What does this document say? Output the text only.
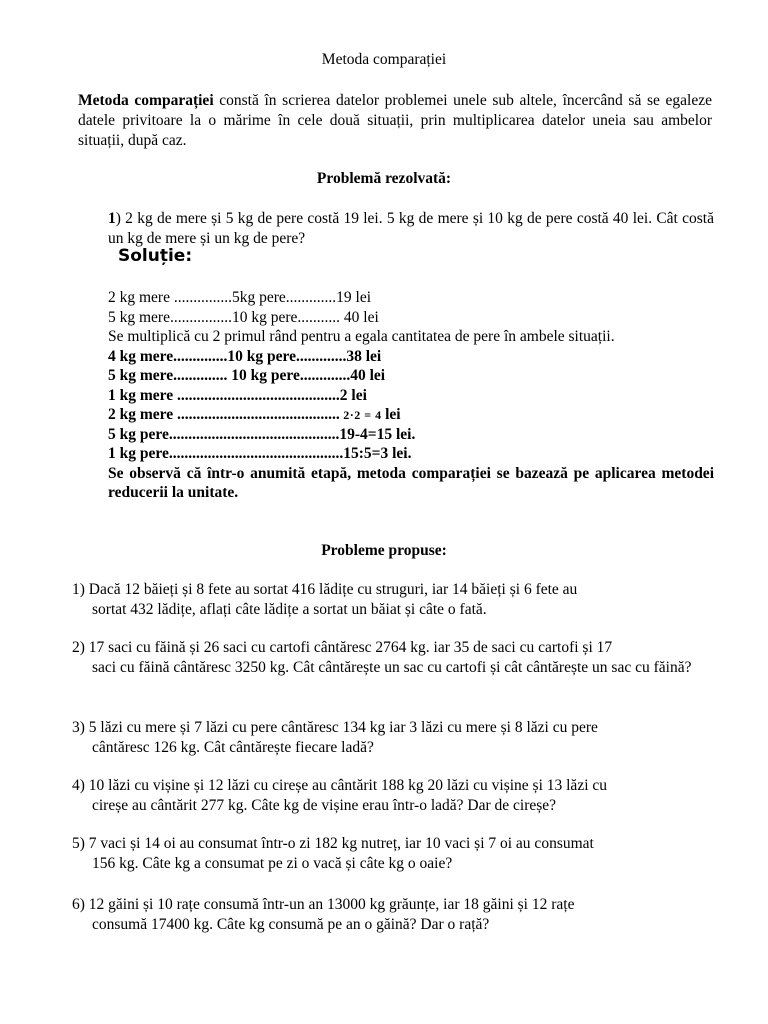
Metoda comparației
Metoda comparației constă în scrierea datelor problemei unele sub altele, încercând să se egaleze datele privitoare la o mărime în cele două situații, prin multiplicarea datelor uneia sau ambelor situații, după caz.
Problemă rezolvată:
1) 2 kg de mere și 5 kg de pere costă 19 lei. 5 kg de mere și 10 kg de pere costă 40 lei. Cât costă un kg de mere și un kg de pere?
Soluție:
2 kg mere ...............5kg pere.............19 lei
5 kg mere................10 kg pere........... 40 lei
Se multiplică cu 2 primul rând pentru a egala cantitatea de pere în ambele situații.
4 kg mere..............10 kg pere.............38 lei
5 kg mere.............. 10 kg pere.............40 lei
1 kg mere ..........................................2 lei
2 kg mere .......................................... 2·2 = 4 lei
5 kg pere............................................19-4=15 lei.
1 kg pere.............................................15:5=3 lei.
Se observă că într-o anumită etapă, metoda comparației se bazează pe aplicarea metodei reducerii la unitate.
Probleme propuse:
1) Dacă 12 băieți și 8 fete au sortat 416 lădițe cu struguri, iar 14 băieți și 6 fete au
sortat 432 lădițe, aflați câte lădițe a sortat un băiat și câte o fată.
2) 17 saci cu făină și 26 saci cu cartofi cântăresc 2764 kg. iar 35 de saci cu cartofi și 17
saci cu făină cântăresc 3250 kg. Cât cântărește un sac cu cartofi și cât cântărește un sac cu făină?
3) 5 lăzi cu mere și 7 lăzi cu pere cântăresc 134 kg iar 3 lăzi cu mere și 8 lăzi cu pere
cântăresc 126 kg. Cât cântărește fiecare ladă?
4) 10 lăzi cu vișine și 12 lăzi cu cireșe au cântărit 188 kg 20 lăzi cu vișine și 13 lăzi cu
cireșe au cântărit 277 kg. Câte kg de vișine erau într-o ladă? Dar de cireșe?
5) 7 vaci și 14 oi au consumat într-o zi 182 kg nutreț, iar 10 vaci și 7 oi au consumat
156 kg. Câte kg a consumat pe zi o vacă și câte kg o oaie?
6) 12 găini și 10 rațe consumă într-un an 13000 kg grăunțe, iar 18 găini și 12 rațe
consumă 17400 kg. Câte kg consumă pe an o găină? Dar o rață?
